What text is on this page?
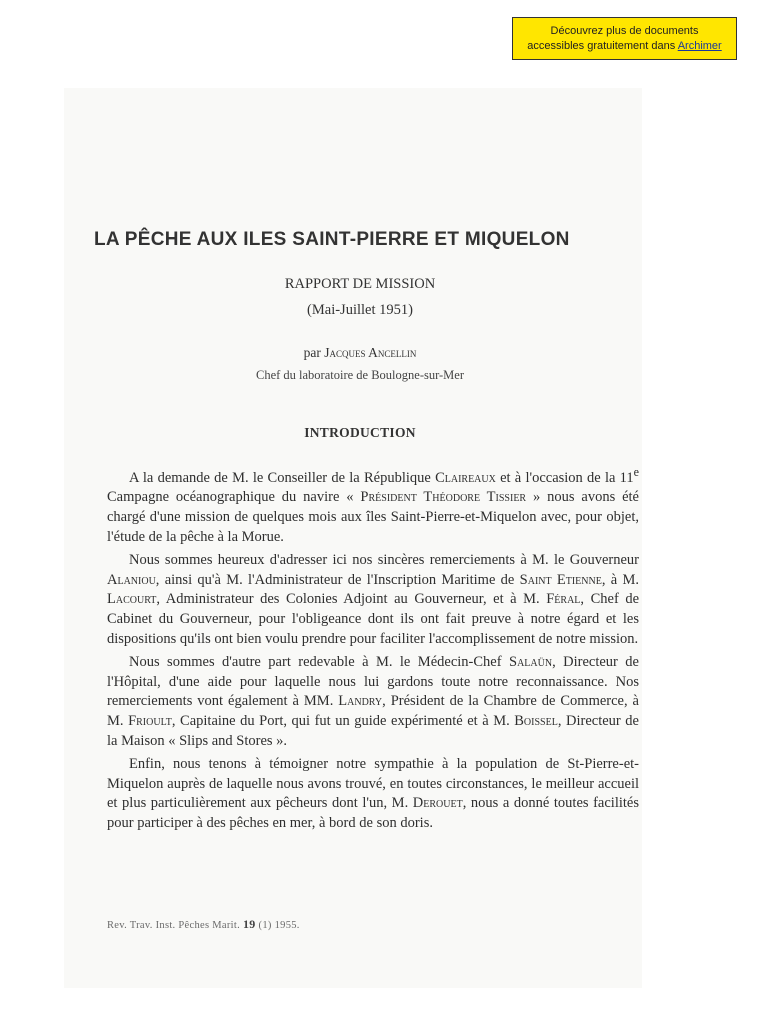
Découvrez plus de documents
accessibles gratuitement dans Archimer
LA PÊCHE AUX ILES SAINT-PIERRE ET MIQUELON
RAPPORT DE MISSION
(Mai-Juillet 1951)
par Jacques Ancellin
Chef du laboratoire de Boulogne-sur-Mer
INTRODUCTION

A la demande de M. le Conseiller de la République Claireaux et à l'occasion de la 11e Campagne océanographique du navire « Président Théodore Tissier » nous avons été chargé d'une mission de quelques mois aux îles Saint-Pierre-et-Miquelon avec, pour objet, l'étude de la pêche à la Morue.

Nous sommes heureux d'adresser ici nos sincères remerciements à M. le Gouverneur Alaniou, ainsi qu'à M. l'Administrateur de l'Inscription Maritime de Saint Etienne, à M. Lacourt, Administrateur des Colonies Adjoint au Gouverneur, et à M. Féral, Chef de Cabinet du Gouverneur, pour l'obligeance dont ils ont fait preuve à notre égard et les dispositions qu'ils ont bien voulu prendre pour faciliter l'accomplissement de notre mission.

Nous sommes d'autre part redevable à M. le Médecin-Chef Salaün, Directeur de l'Hôpital, d'une aide pour laquelle nous lui gardons toute notre reconnaissance. Nos remerciements vont également à MM. Landry, Président de la Chambre de Commerce, à M. Frioult, Capitaine du Port, qui fut un guide expérimenté et à M. Boissel, Directeur de la Maison « Slips and Stores ».

Enfin, nous tenons à témoigner notre sympathie à la population de St-Pierre-et-Miquelon auprès de laquelle nous avons trouvé, en toutes circonstances, le meilleur accueil et plus particulièrement aux pêcheurs dont l'un, M. Derouet, nous a donné toutes facilités pour participer à des pêches en mer, à bord de son doris.

Rev. Trav. Inst. Pêches Marit. 19 (1) 1955.
